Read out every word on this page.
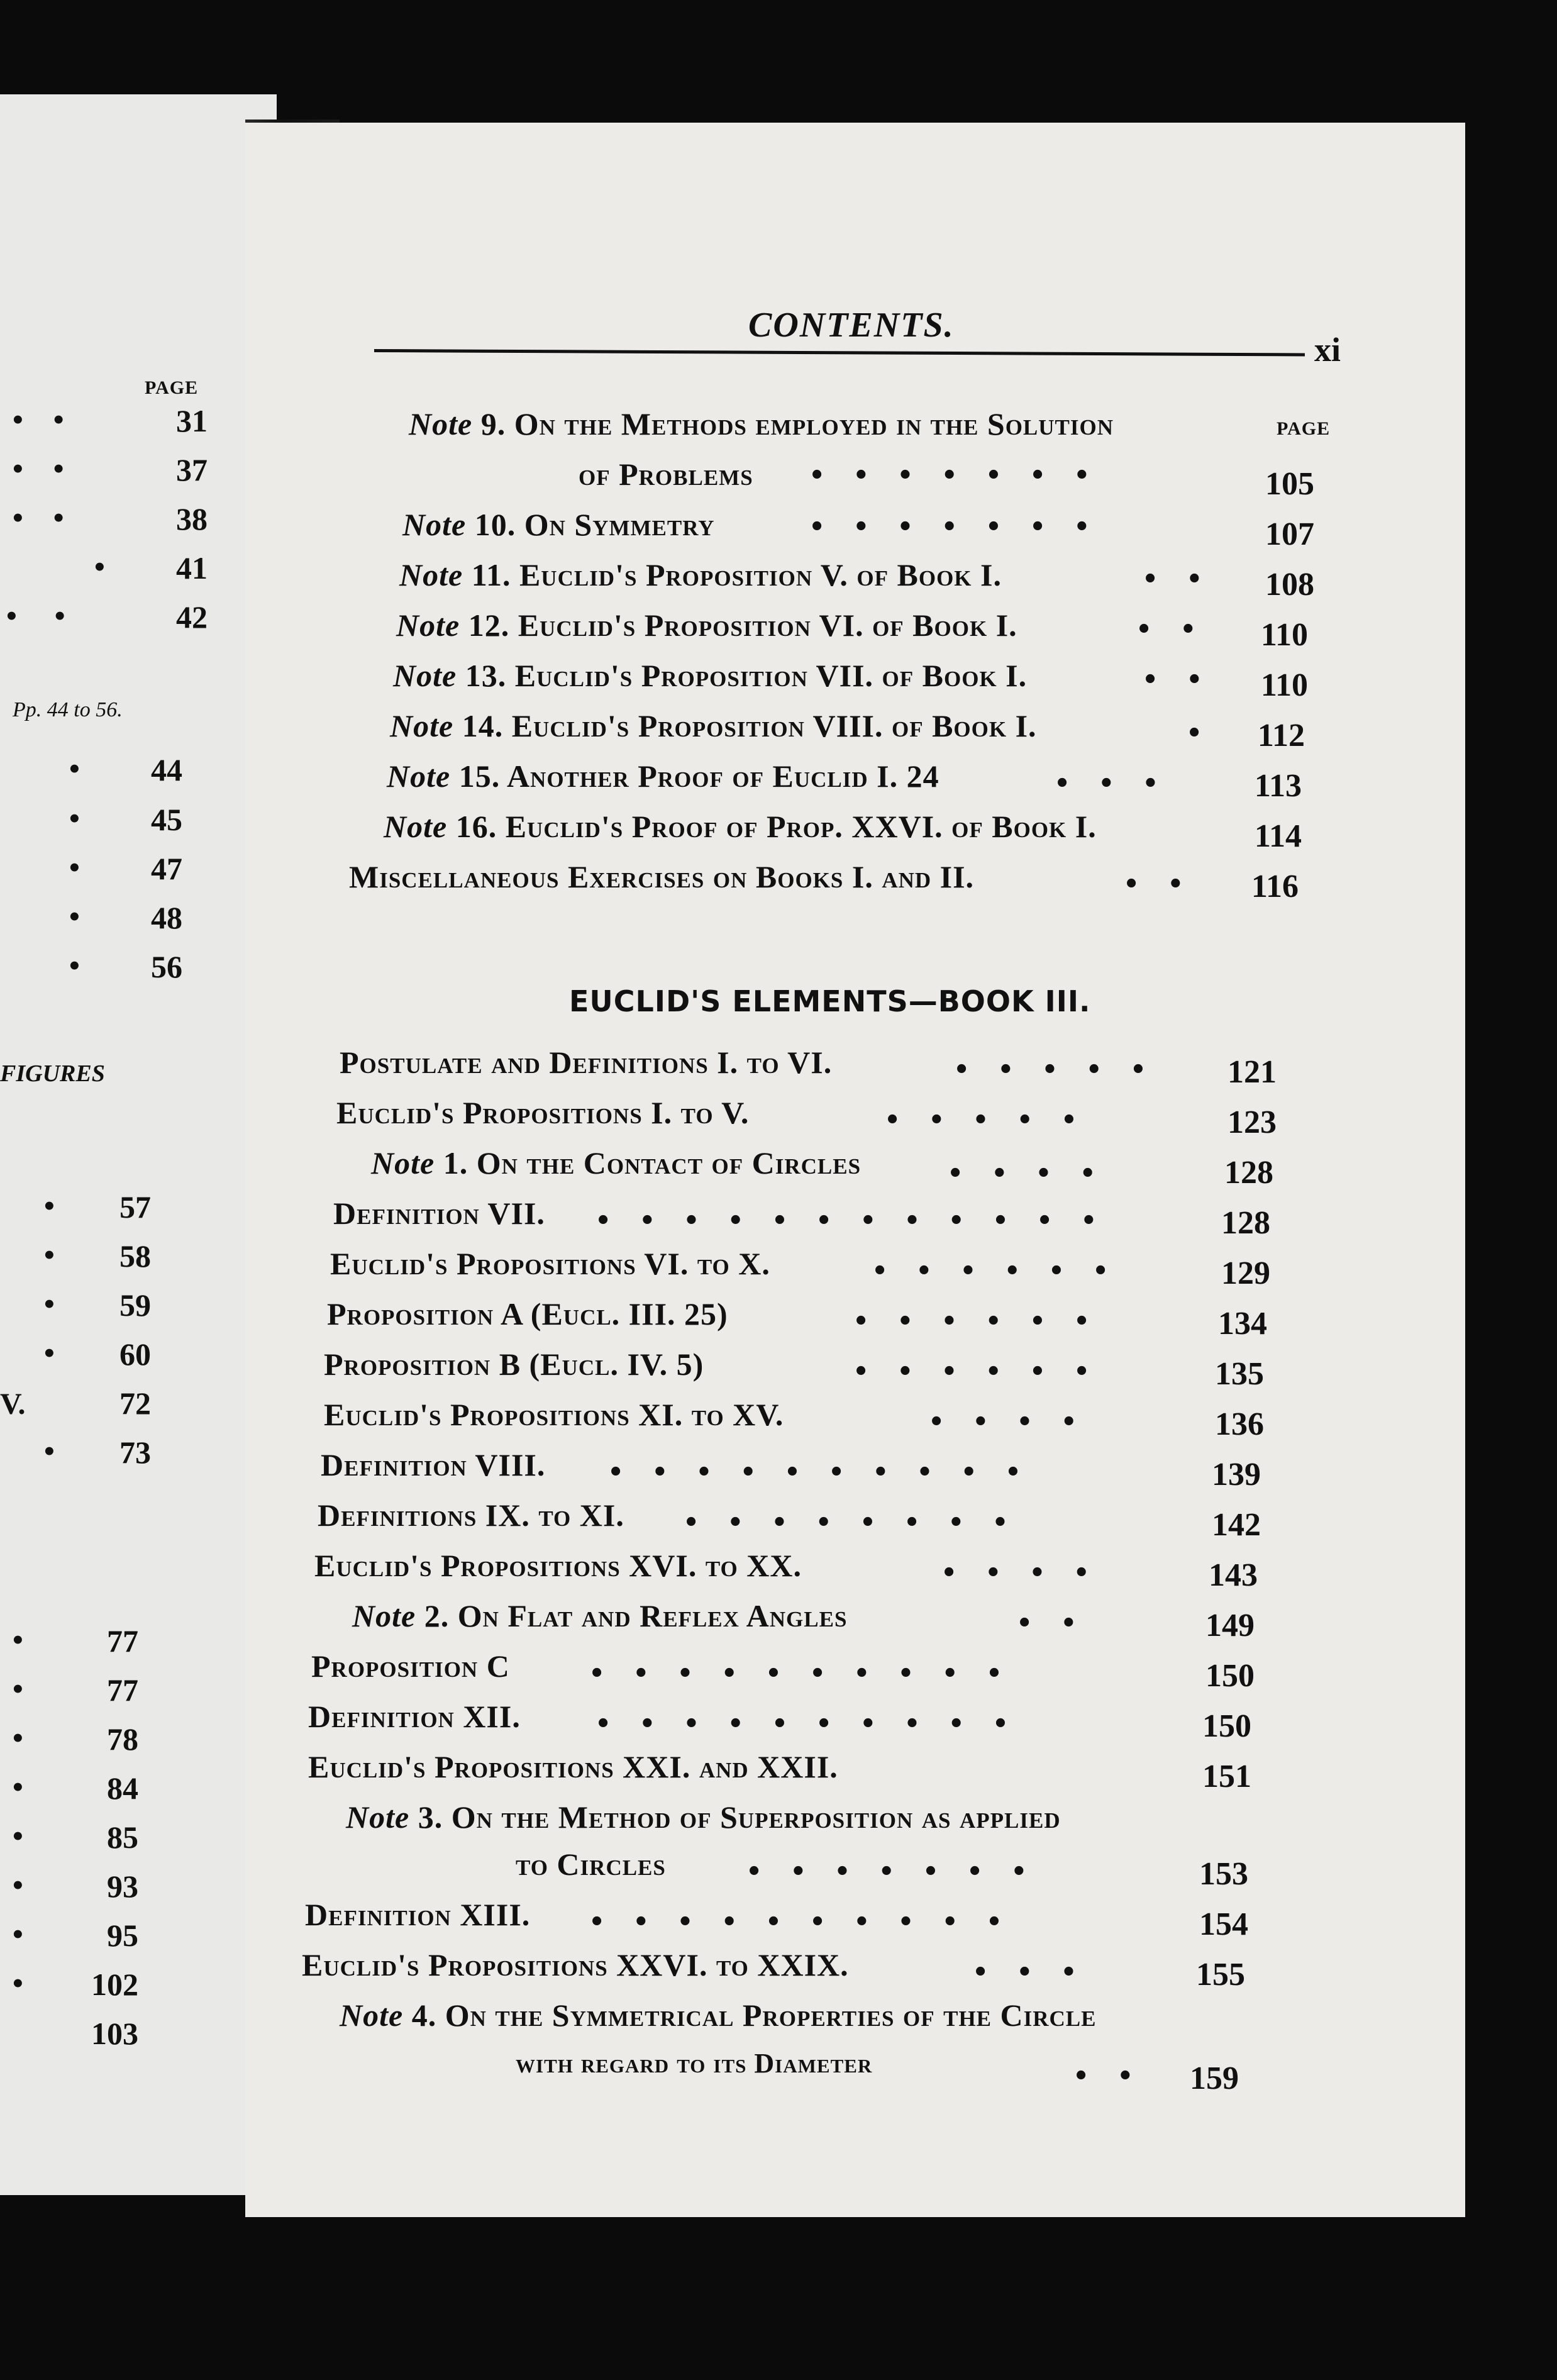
PAGE
31
37
38
41
42
Pp. 44 to 56.
44
45
47
48
56
FIGURES
57
58
59
60
V.	72
73
77
77
78
84
85
93
95
102
103
•    •
•    •
•    •
•
•     •
•
•
•
•
•
•
•
•
•
•
•
•
•
•
•
•
•
•
CONTENTS.
xi
PAGE
Note 9. On the Methods employed in the Solution
of Problems •••••••	105
Note 10. On Symmetry	•••••••	107
Note 11. Euclid's Proposition V. of Book I.	•• 108
Note 12. Euclid's Proposition VI. of Book I.	••	110
Note 13. Euclid's Proposition VII. of Book I.	•• 110
Note 14. Euclid's Proposition VIII. of Book I.	• 112
Note 15. Another Proof of Euclid I. 24	•••	113
Note 16. Euclid's Proof of Prop. XXVI. of Book I.	114
Miscellaneous Exercises on Books I. and II.	••	116
EUCLID'S ELEMENTS—BOOK III.
Postulate and Definitions I. to VI.	•••••	121
Euclid's Propositions I. to V.	•••••	123
Note 1. On the Contact of Circles	••••	128
Definition VII. ••••••••••••	128
Euclid's Propositions VI. to X.	••••••	129
Proposition A (Eucl. III. 25)	••••••	134
Proposition B (Eucl. IV. 5)	••••••	135
Euclid's Propositions XI. to XV.	••••	136
Definition VIII. ••••••••••	139
Definitions IX. to XI. ••••••••	142
Euclid's Propositions XVI. to XX.	••••	143
Note 2. On Flat and Reflex Angles	••	149
Proposition C ••••••••••	150
Definition XII. ••••••••••	150
Euclid's Propositions XXI. and XXII.	151
Note 3. On the Method of Superposition as applied
to Circles	•••••••	153
Definition XIII. ••••••••••	154
Euclid's Propositions XXVI. to XXIX.	•••	155
Note 4. On the Symmetrical Properties of the Circle
with regard to its Diameter	•• 159
